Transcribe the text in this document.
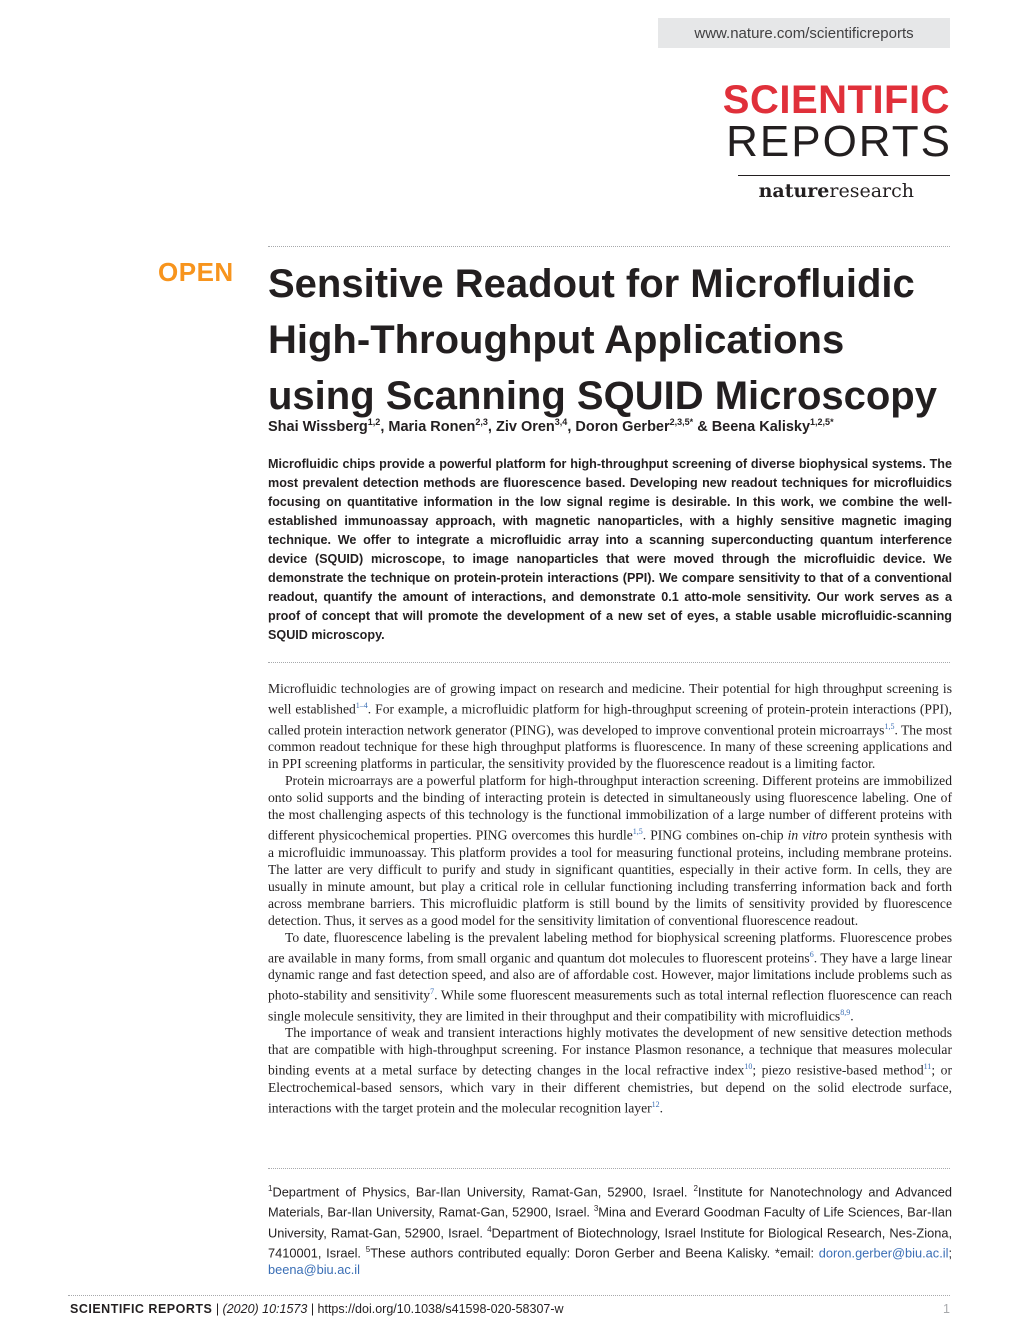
www.nature.com/scientificreports
SCIENTIFIC
REPORTS
natureresearch
OPEN Sensitive Readout for Microfluidic
High-Throughput Applications
using Scanning SQUID Microscopy
Shai Wissberg$^{1,2}$, Maria Ronen$^{2,3}$, Ziv Oren$^{3,4}$, Doron Gerber$^{2,3,5*}$ & Beena Kalisky$^{1,2,5*}$

Microfluidic chips provide a powerful platform for high-throughput screening of diverse biophysical systems. The most prevalent detection methods are fluorescence based. Developing new readout techniques for microfluidics focusing on quantitative information in the low signal regime is desirable. In this work, we combine the well-established immunoassay approach, with magnetic nanoparticles, with a highly sensitive magnetic imaging technique. We offer to integrate a microfluidic array into a scanning superconducting quantum interference device (SQUID) microscope, to image nanoparticles that were moved through the microfluidic device. We demonstrate the technique on protein-protein interactions (PPI). We compare sensitivity to that of a conventional readout, quantify the amount of interactions, and demonstrate 0.1 atto-mole sensitivity. Our work serves as a proof of concept that will promote the development of a new set of eyes, a stable usable microfluidic-scanning SQUID microscopy.

Microfluidic technologies are of growing impact on research and medicine. Their potential for high throughput screening is well established$^{1-4}$. For example, a microfluidic platform for high-throughput screening of protein-protein interactions (PPI), called protein interaction network generator (PING), was developed to improve conventional protein microarrays$^{1,5}$. The most common readout technique for these high throughput platforms is fluorescence. In many of these screening applications and in PPI screening platforms in particular, the sensitivity provided by the fluorescence readout is a limiting factor.

Protein microarrays are a powerful platform for high-throughput interaction screening. Different proteins are immobilized onto solid supports and the binding of interacting protein is detected in simultaneously using fluorescence labeling. One of the most challenging aspects of this technology is the functional immobilization of a large number of different proteins with different physicochemical properties. PING overcomes this hurdle$^{1,5}$. PING combines on-chip in vitro protein synthesis with a microfluidic immunoassay. This platform provides a tool for measuring functional proteins, including membrane proteins. The latter are very difficult to purify and study in significant quantities, especially in their active form. In cells, they are usually in minute amount, but play a critical role in cellular functioning including transferring information back and forth across membrane barriers. This microfluidic platform is still bound by the limits of sensitivity provided by fluorescence detection. Thus, it serves as a good model for the sensitivity limitation of conventional fluorescence readout.

To date, fluorescence labeling is the prevalent labeling method for biophysical screening platforms. Fluorescence probes are available in many forms, from small organic and quantum dot molecules to fluorescent proteins$^6$. They have a large linear dynamic range and fast detection speed, and also are of affordable cost. However, major limitations include problems such as photo-stability and sensitivity$^7$. While some fluorescent measurements such as total internal reflection fluorescence can reach single molecule sensitivity, they are limited in their throughput and their compatibility with microfluidics$^{8,9}$.

The importance of weak and transient interactions highly motivates the development of new sensitive detection methods that are compatible with high-throughput screening. For instance Plasmon resonance, a technique that measures molecular binding events at a metal surface by detecting changes in the local refractive index$^{10}$; piezo resistive-based method$^{11}$; or Electrochemical-based sensors, which vary in their different chemistries, but depend on the solid electrode surface, interactions with the target protein and the molecular recognition layer$^{12}$.

$^1$Department of Physics, Bar-Ilan University, Ramat-Gan, 52900, Israel. $^2$Institute for Nanotechnology and Advanced Materials, Bar-Ilan University, Ramat-Gan, 52900, Israel. $^3$Mina and Everard Goodman Faculty of Life Sciences, Bar-Ilan University, Ramat-Gan, 52900, Israel. $^4$Department of Biotechnology, Israel Institute for Biological Research, Nes-Ziona, 7410001, Israel. $^5$These authors contributed equally: Doron Gerber and Beena Kalisky. *email: doron.gerber@biu.ac.il; beena@biu.ac.il

SCIENTIFIC REPORTS | (2020) 10:1573 | https://doi.org/10.1038/s41598-020-58307-w	1
